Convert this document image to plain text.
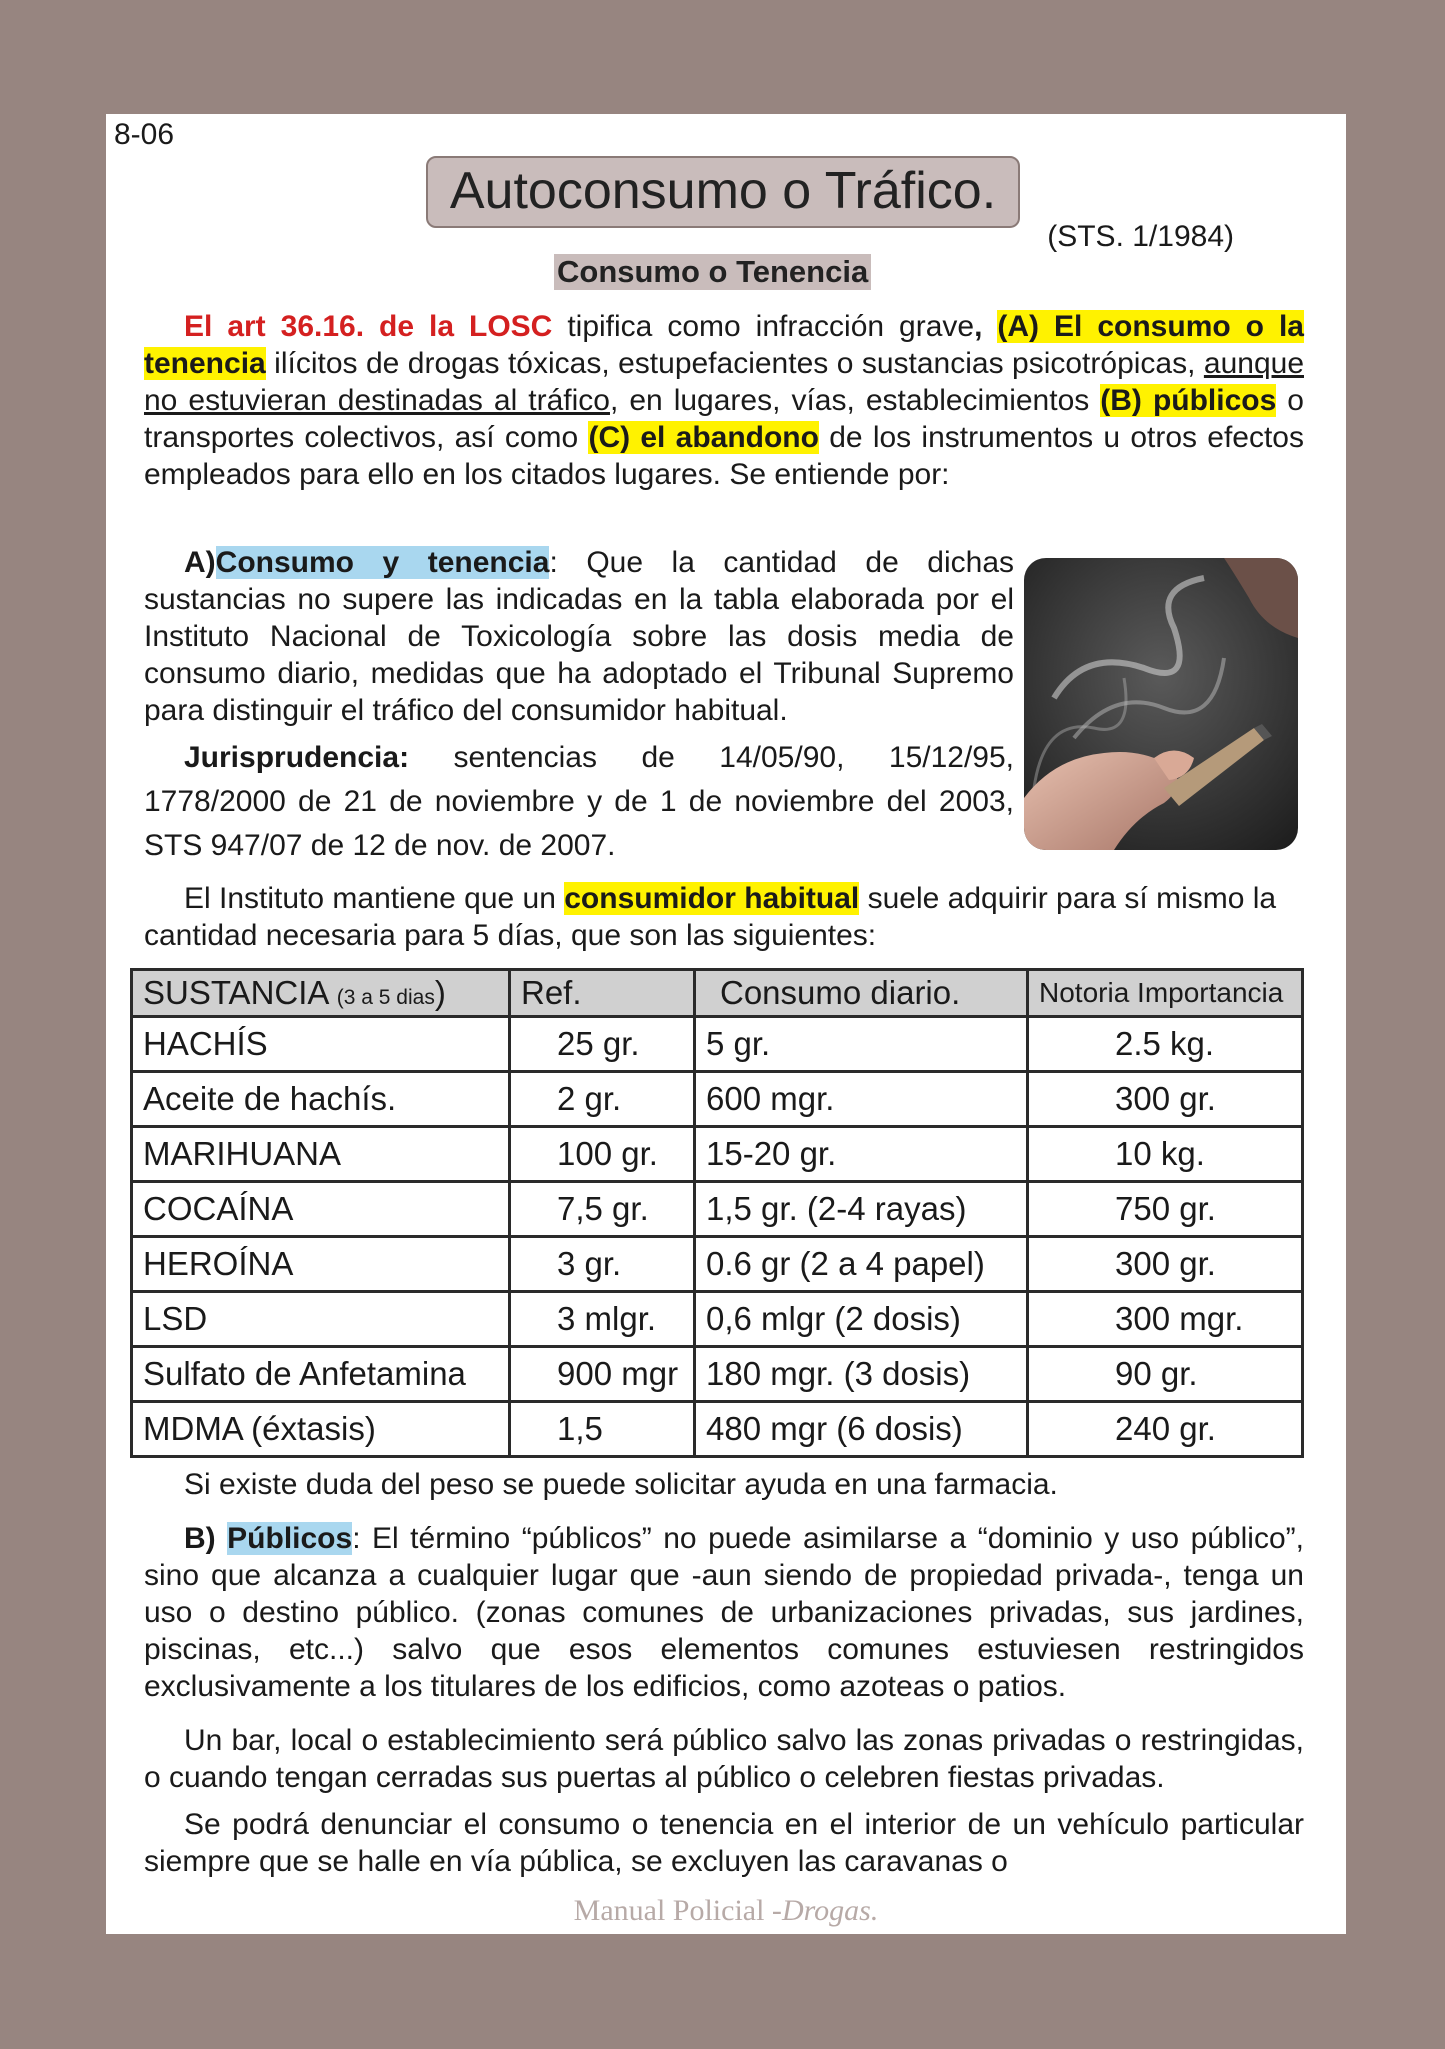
8-06
Autoconsumo o Tráfico.
(STS. 1/1984)
Consumo o Tenencia
El art 36.16. de la LOSC tipifica como infracción grave, (A) El consumo o la tenencia ilícitos de drogas tóxicas, estupefacientes o sustancias psicotrópicas, aunque no estuvieran destinadas al tráfico, en lugares, vías, establecimientos (B) públicos o transportes colectivos, así como (C) el abandono de los instrumentos u otros efectos empleados para ello en los citados lugares. Se entiende por:
A)Consumo y tenencia: Que la cantidad de dichas sustancias no supere las indicadas en la tabla elaborada por el Instituto Nacional de Toxicología sobre las dosis media de consumo diario, medidas que ha adoptado el Tribunal Supremo para distinguir el tráfico del consumidor habitual.
Jurisprudencia: sentencias de 14/05/90, 15/12/95, 1778/2000 de 21 de noviembre y de 1 de noviembre del 2003, STS 947/07 de 12 de nov. de 2007.
El Instituto mantiene que un consumidor habitual suele adquirir para sí mismo la cantidad necesaria para 5 días, que son las siguientes:
SUSTANCIA (3 a 5 dias)	Ref.	Consumo diario.	Notoria Importancia
HACHÍS	25 gr.	5 gr.	2.5 kg.
Aceite de hachís.	2 gr.	600 mgr.	300 gr.
MARIHUANA	100 gr.	15-20 gr.	10 kg.
COCAÍNA	7,5 gr.	1,5 gr. (2-4 rayas)	750 gr.
HEROÍNA	3 gr.	0.6 gr (2 a 4 papel)	300 gr.
LSD	3 mlgr.	0,6 mlgr (2 dosis)	300 mgr.
Sulfato de Anfetamina	900 mgr	180 mgr. (3 dosis)	90 gr.
MDMA (éxtasis)	1,5	480 mgr (6 dosis)	240 gr.
Si existe duda del peso se puede solicitar ayuda en una farmacia.
B) Públicos: El término “públicos” no puede asimilarse a “dominio y uso público”, sino que alcanza a cualquier lugar que -aun siendo de propiedad privada-, tenga un uso o destino público. (zonas comunes de urbanizaciones privadas, sus jardines, piscinas, etc...) salvo que esos elementos comunes estuviesen restringidos exclusivamente a los titulares de los edificios, como azoteas o patios.
Un bar, local o establecimiento será público salvo las zonas privadas o restringidas, o cuando tengan cerradas sus puertas al público o celebren fiestas privadas.
Se podrá denunciar el consumo o tenencia en el interior de un vehículo particular siempre que se halle en vía pública, se excluyen las caravanas o
Manual Policial -Drogas.
